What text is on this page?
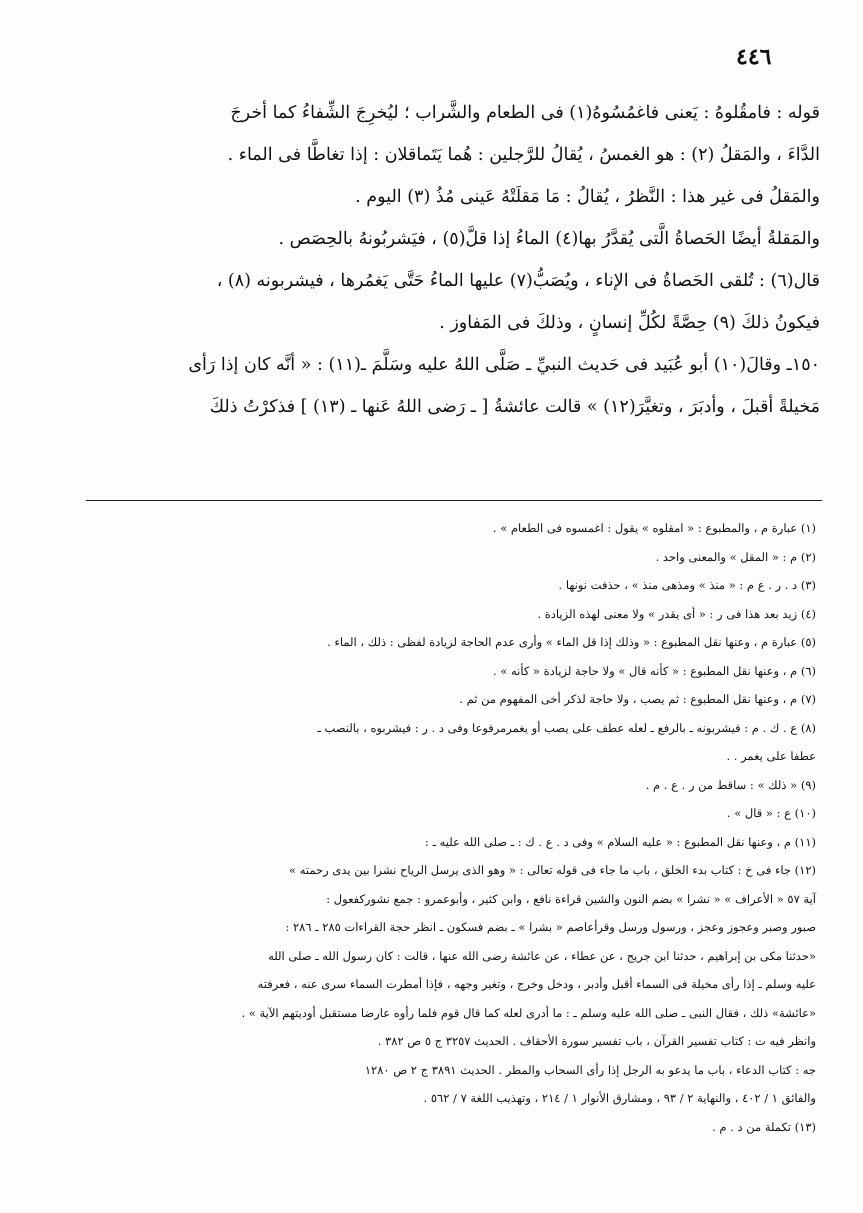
٤٤٦

قوله : فامقُلوهُ : يَعنى فاغمُسُوهُ(١) فى الطعام والشَّراب ؛ ليُخرِجَ الشِّفاءُ كما أخرجَ

الدَّاءَ ، والمَقلُ (٢) : هو الغمسُ ، يُقالُ للرَّجلين : هُما يَتَماقلان : إذا تغاطَّا فى الماء .

والمَقلُ فى غير هذا : النَّظرُ ، يُقالُ : مَا مَقلَتْهُ عَينى مُذُ (٣) اليوم .

والمَقلةُ أيضًا الحَصاةُ الَّتى يُقدَّرُ بها(٤) الماءُ إذا قلَّ(٥) ، فيَشربُونهُ بالحِصَص .

قال(٦) : تُلقى الحَصاةُ فى الإناء ، ويُصَبُّ(٧) عليها الماءُ حَتَّى يَغمُرها ، فيشربونه (٨) ،

فيكونُ ذلكَ (٩) حِصَّةً لكُلِّ إنسانٍ ، وذلكَ فى المَفاوز .

١٥٠ـ وقالَ(١٠) أبو عُبَيد فى حَديث النبيِّ ـ صَلَّى اللهُ عليه وسَلَّمَ ـ(١١) : « أنَّه كان إذا رَأى

مَخيلةً أقبلَ ، وأدبَرَ ، وتغيَّرَ(١٢) » قالت عائشةُ [ ـ رَضى اللهُ عَنها ـ (١٣) ] فذكرْتُ ذلكَ

(١) عبارة م ، والمطبوع : « امقلوه » يقول : اغمسوه فى الطعام » .

(٢) م : « المقل » والمعنى واحد .

(٣) د . ر . ع م : « منذ » ومذهى منذ » ، حذفت نونها .

(٤) زيد بعد هذا فى ر : « أى يقدر » ولا معنى لهذه الزيادة .

(٥) عبارة م ، وعنها نقل المطبوع : « وذلك إذا قل الماء » وأرى عدم الحاجة لزيادة لفظى : ذلك ، الماء .

(٦) م ، وعنها نقل المطبوع : « كأنه قال » ولا حاجة لزيادة « كأنه » .

(٧) م ، وعنها نقل المطبوع : ثم يصب ، ولا حاجة لذكر أخى المفهوم من ثم .

(٨) ع . ك . م : فيشربونه ـ بالرفع ـ لعله عطف على يصب أو يغمرمرفوعا وفى د . ر : فيشربوه ، بالنصب ـ

عطفا على يغمر . .

(٩) « ذلك » : ساقط من ر . ع . م .

(١٠) ع : « قال » .

(١١) م ، وعنها نقل المطبوع : « عليه السلام » وفى د . ع . ك : ـ صلى الله عليه ـ :

(١٢) جاء فى خ : كتاب بدء الخلق ، باب ما جاء فى قوله تعالى : « وهو الذى يرسل الرياح نشرا بين يدى رحمته »

آية ٥٧ « الأعراف » « نشرا » بضم النون والشين قراءة نافع ، وابن كثير ، وأبوعمرو : جمع نشوركفعول :

صبور وصبر وعجوز وعجز ، ورسول ورسل وقرأعاصم « بشرا » ـ بضم فسكون ـ انظر حجة القراءات ٢٨٥ ـ ٢٨٦ :

«حدثنا مكى بن إبراهيم ، حدثنا ابن جريج ، عن عطاء ، عن عائشة رضى الله عنها ، قالت : كان رسول الله ـ صلى الله

عليه وسلم ـ إذا رأى مخيلة فى السماء أقبل وأدبر ، ودخل وخرج ، وتغير وجهه ، فإذا أمطرت السماء سرى عنه ، فعرفته

«عائشة» ذلك ، فقال النبى ـ صلى الله عليه وسلم ـ : ما أدرى لعله كما قال قوم فلما رأوه عارضا مستقبل أوديتهم الآية » .

وانظر فيه ت : كتاب تفسير القرآن ، باب تفسير سورة الأحقاف . الحديث ٣٢٥٧ ج ٥ ص ٣٨٢ .

جه : كتاب الدعاء ، باب ما يدعو به الرجل إذا رأى السحاب والمطر . الحديث ٣٨٩١ ج ٢ ص ١٢٨٠

والفائق ١ / ٤٠٢ ، والنهاية ٢ / ٩٣ ، ومشارق الأنوار ١ / ٢١٤ ، وتهذيب اللغة ٧ / ٥٦٢ .

(١٣) تكملة من د . م .
